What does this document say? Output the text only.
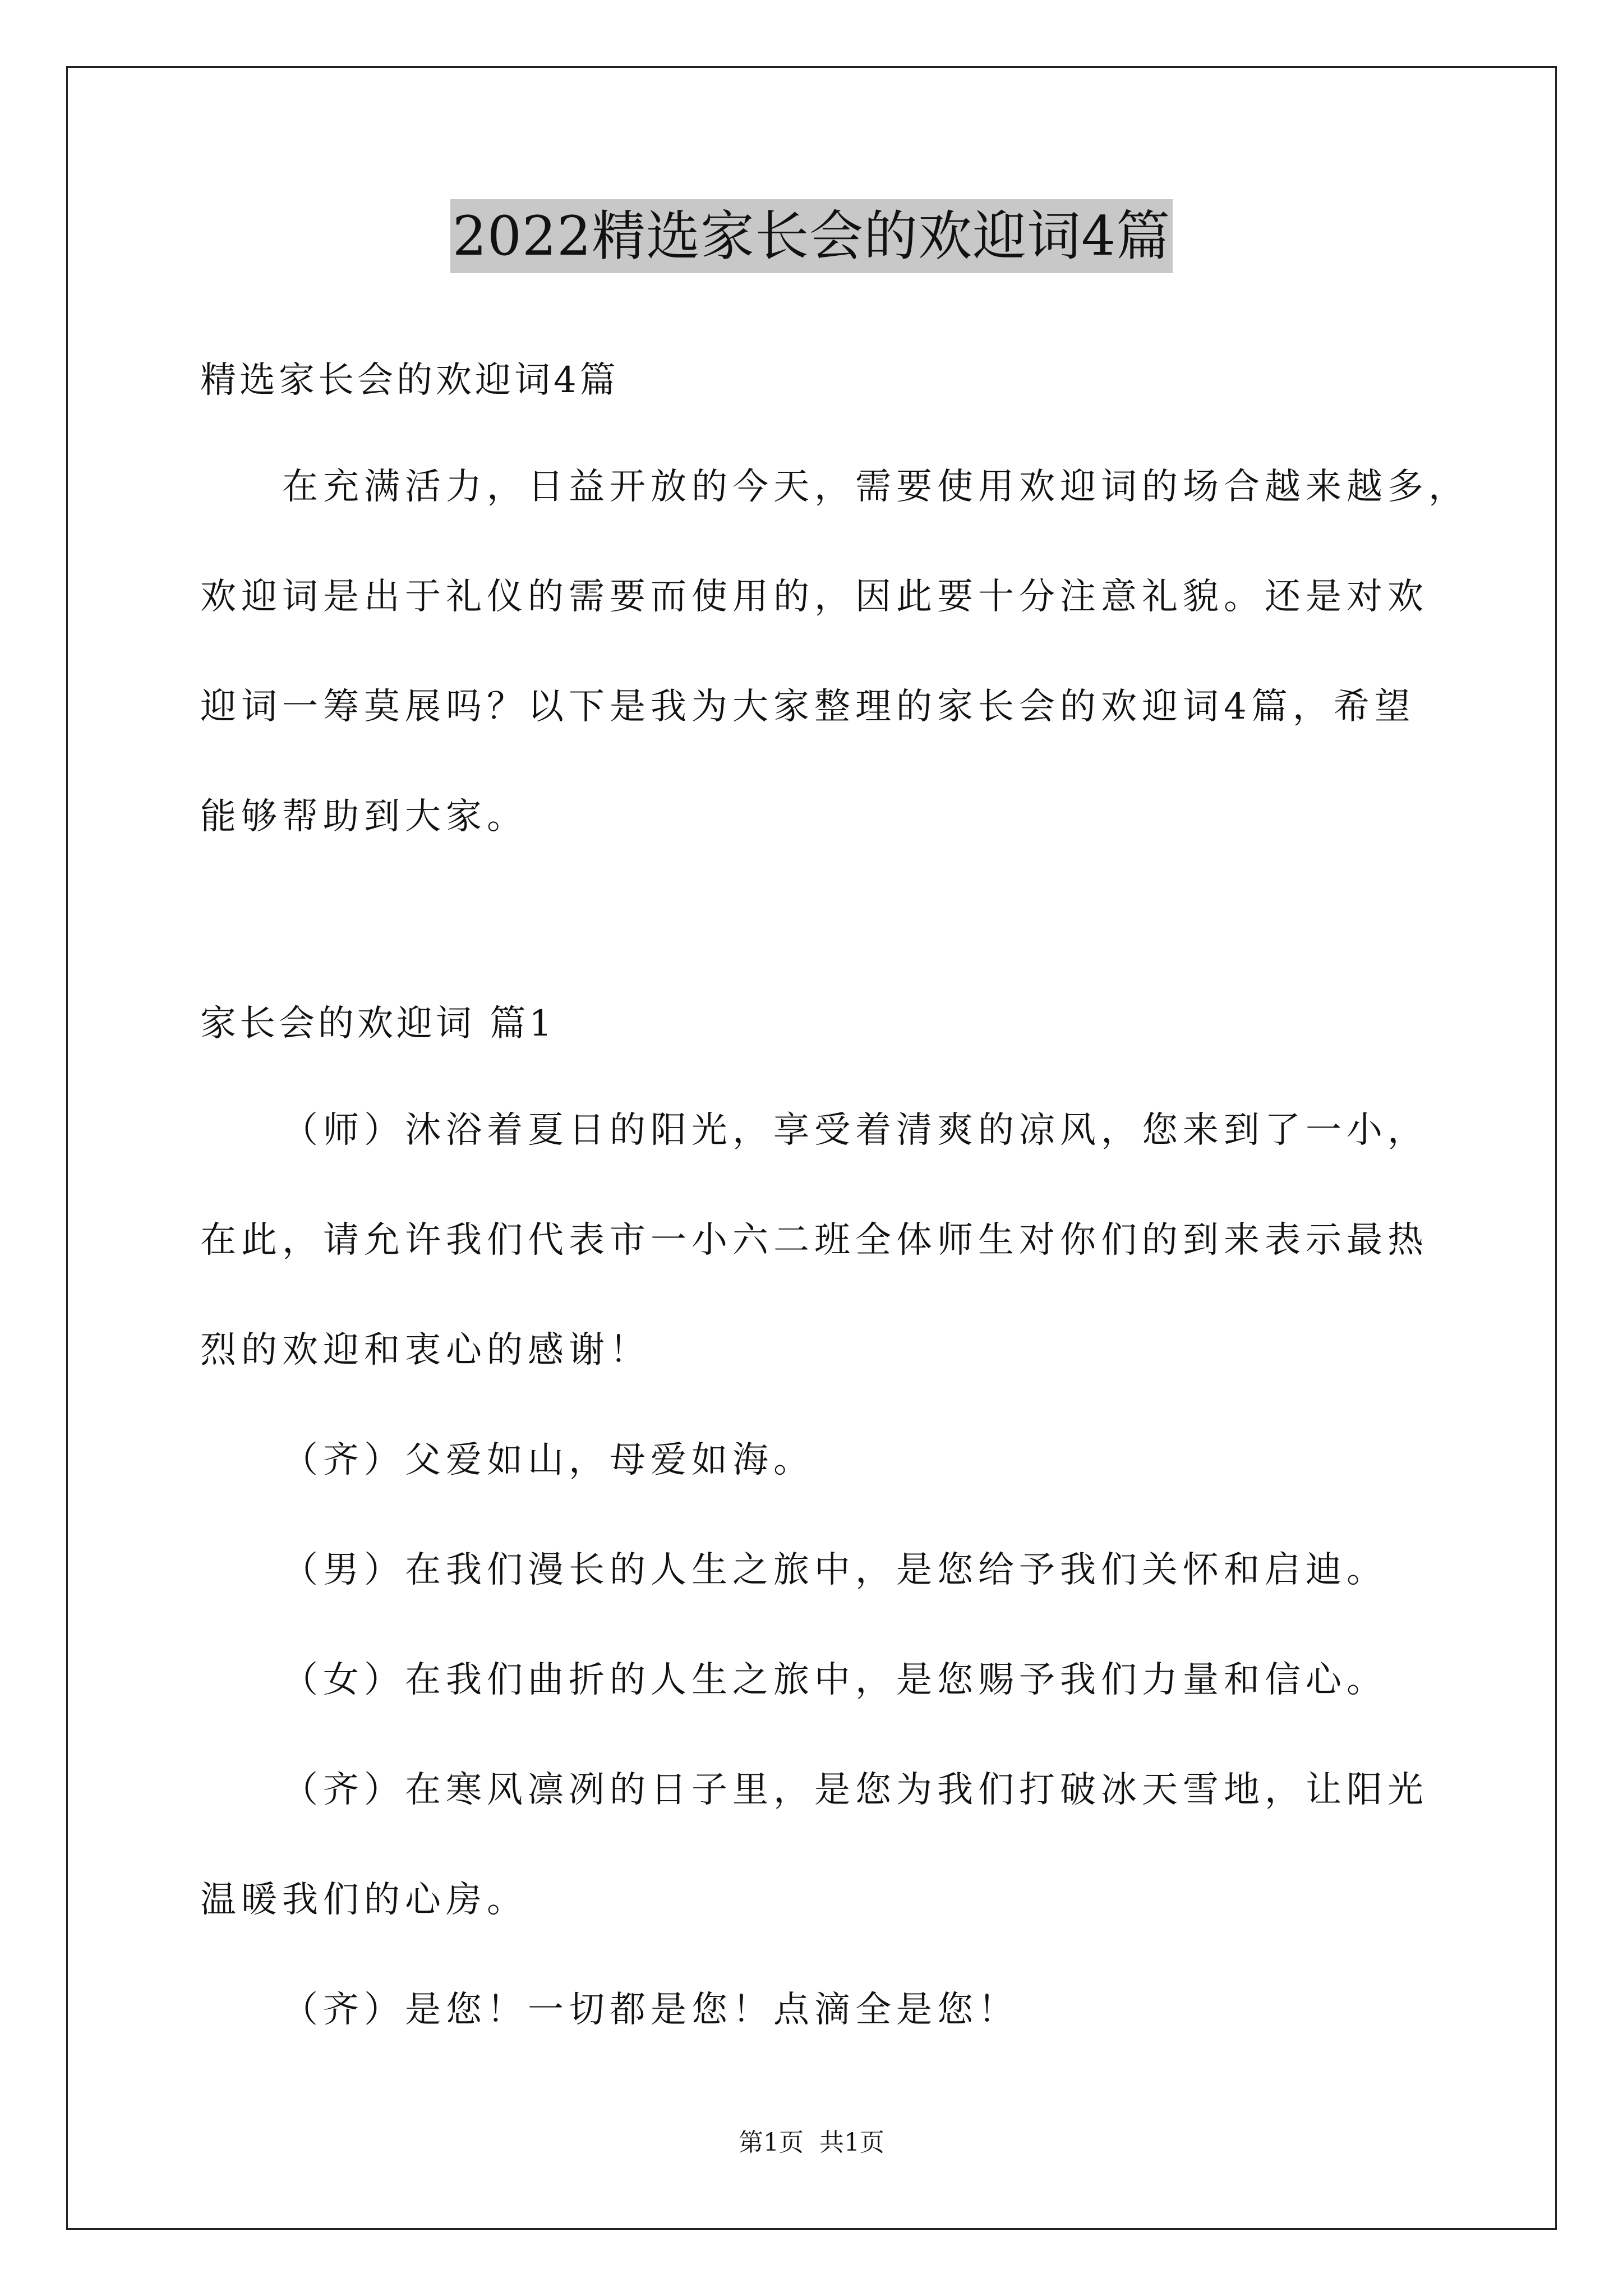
2022精选家长会的欢迎词4篇
精选家长会的欢迎词4篇
在充满活力，日益开放的今天，需要使用欢迎词的场合越来越多，
欢迎词是出于礼仪的需要而使用的，因此要十分注意礼貌。还是对欢
迎词一筹莫展吗？以下是我为大家整理的家长会的欢迎词4篇，希望
能够帮助到大家。
家长会的欢迎词 篇1
（师）沐浴着夏日的阳光，享受着清爽的凉风，您来到了一小，
在此，请允许我们代表市一小六二班全体师生对你们的到来表示最热
烈的欢迎和衷心的感谢！
（齐）父爱如山，母爱如海。
（男）在我们漫长的人生之旅中，是您给予我们关怀和启迪。
（女）在我们曲折的人生之旅中，是您赐予我们力量和信心。
（齐）在寒风凛冽的日子里，是您为我们打破冰天雪地，让阳光
温暖我们的心房。
（齐）是您！一切都是您！点滴全是您！
第1页 共1页
